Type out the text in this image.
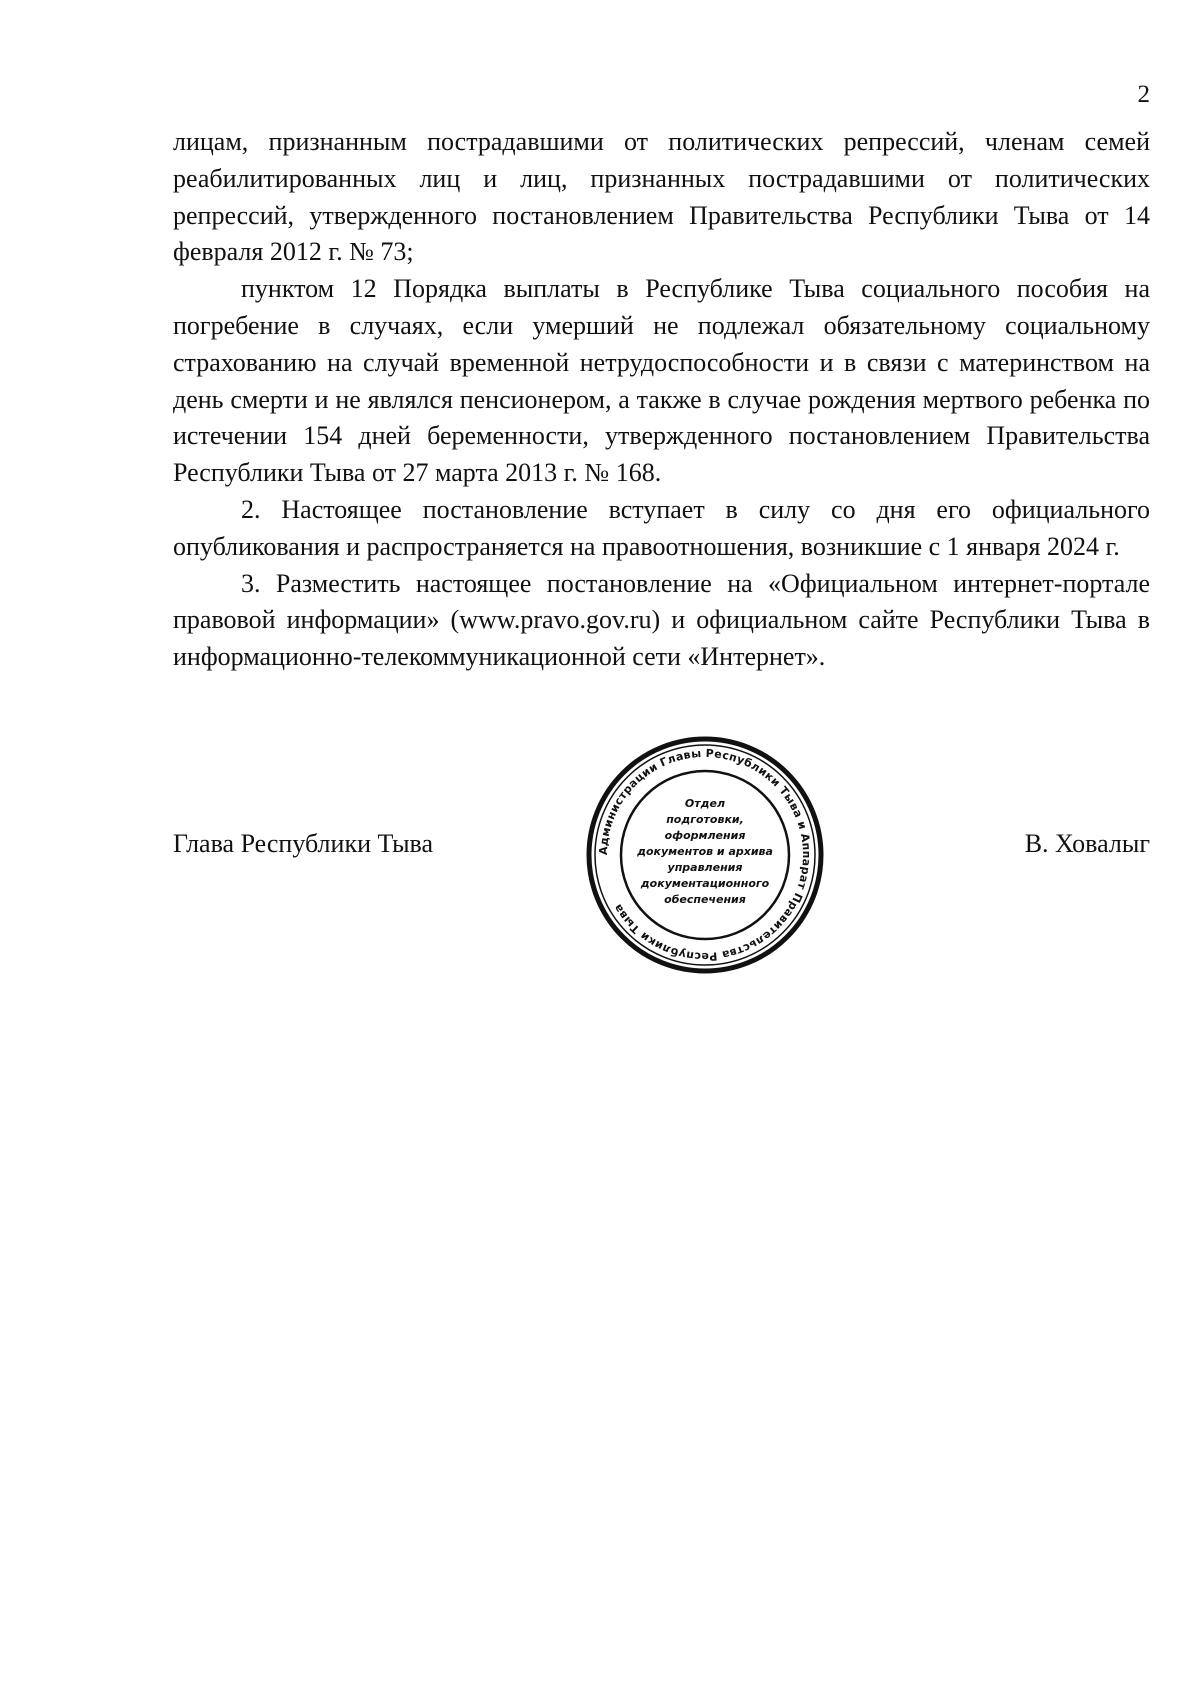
2

лицам, признанным пострадавшими от политических репрессий, членам семей реабилитированных лиц и лиц, признанных пострадавшими от политических репрессий, утвержденного постановлением Правительства Республики Тыва от 14 февраля 2012 г. № 73;

пунктом 12 Порядка выплаты в Республике Тыва социального пособия на погребение в случаях, если умерший не подлежал обязательному социальному страхованию на случай временной нетрудоспособности и в связи с материнством на день смерти и не являлся пенсионером, а также в случае рождения мертвого ребенка по истечении 154 дней беременности, утвержденного постановлением Правительства Республики Тыва от 27 марта 2013 г. № 168.

2. Настоящее постановление вступает в силу со дня его официального опубликования и распространяется на правоотношения, возникшие с 1 января 2024 г.

3. Разместить настоящее постановление на «Официальном интернет-портале правовой информации» (www.pravo.gov.ru) и официальном сайте Республики Тыва в информационно-телекоммуникационной сети «Интернет».

Глава Республики Тыва	В. Ховалыг
Администрации Главы Республики Тыва и Аппарат Правительства Республики Тыва
Отдел
подготовки,
оформления
документов и архива
управления
документационного
обеспечения
